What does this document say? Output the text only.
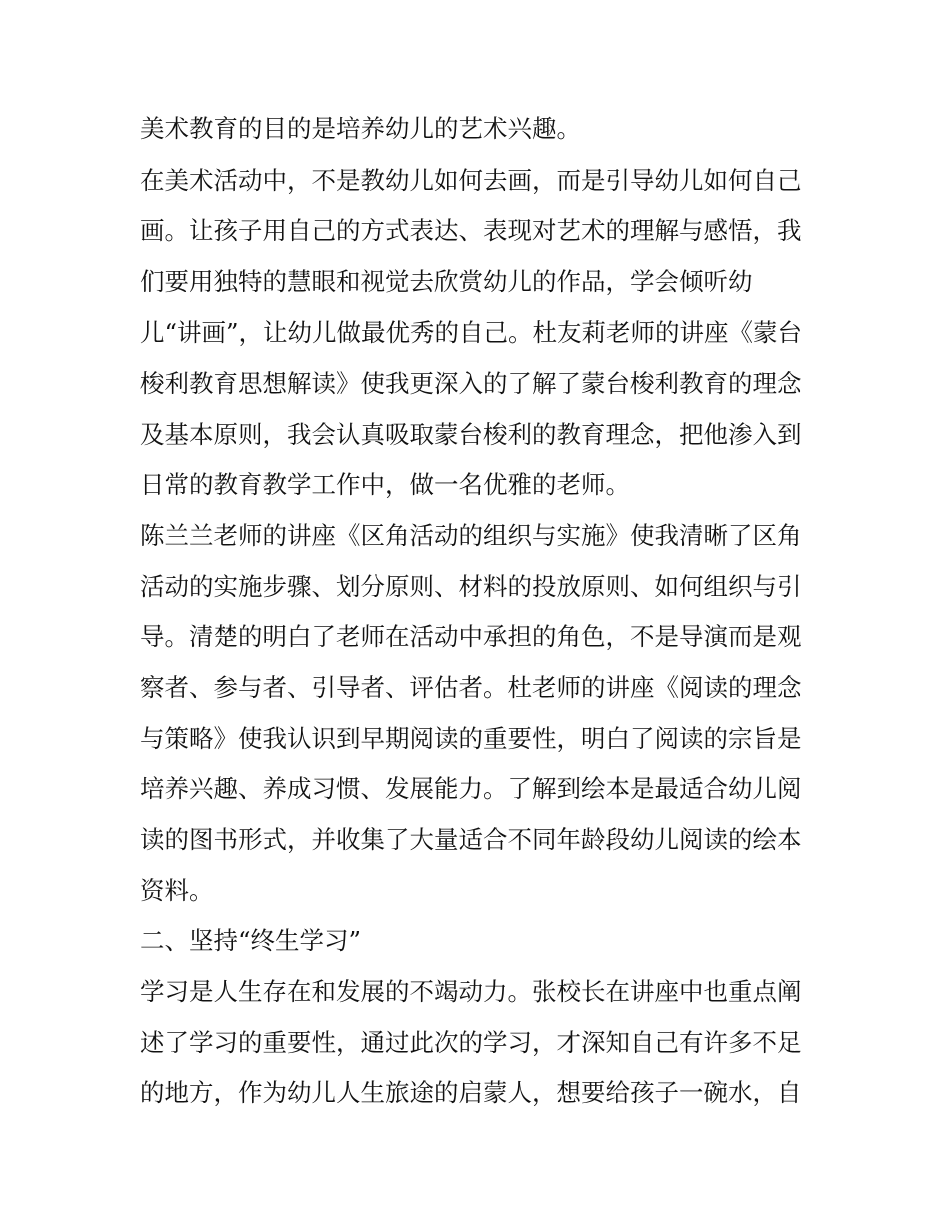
美术教育的目的是培养幼儿的艺术兴趣。
在美术活动中，不是教幼儿如何去画，而是引导幼儿如何自己
画。让孩子用自己的方式表达、表现对艺术的理解与感悟，我
们要用独特的慧眼和视觉去欣赏幼儿的作品，学会倾听幼
儿“讲画”，让幼儿做最优秀的自己。杜友莉老师的讲座《蒙台
梭利教育思想解读》使我更深入的了解了蒙台梭利教育的理念
及基本原则，我会认真吸取蒙台梭利的教育理念，把他渗入到
日常的教育教学工作中，做一名优雅的老师。
陈兰兰老师的讲座《区角活动的组织与实施》使我清晰了区角
活动的实施步骤、划分原则、材料的投放原则、如何组织与引
导。清楚的明白了老师在活动中承担的角色，不是导演而是观
察者、参与者、引导者、评估者。杜老师的讲座《阅读的理念
与策略》使我认识到早期阅读的重要性，明白了阅读的宗旨是
培养兴趣、养成习惯、发展能力。了解到绘本是最适合幼儿阅
读的图书形式，并收集了大量适合不同年龄段幼儿阅读的绘本
资料。
二、坚持“终生学习”
学习是人生存在和发展的不竭动力。张校长在讲座中也重点阐
述了学习的重要性，通过此次的学习，才深知自己有许多不足
的地方，作为幼儿人生旅途的启蒙人，想要给孩子一碗水，自
